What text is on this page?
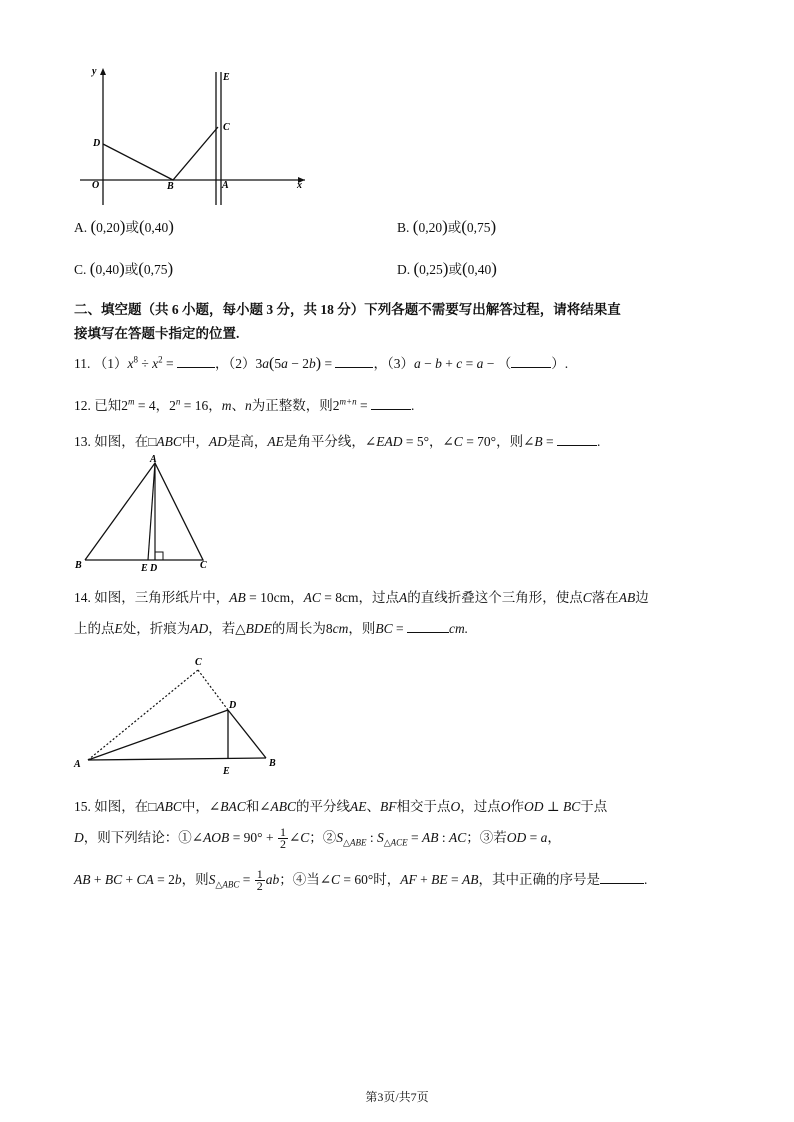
y
x
O	B	A
D
C
E
A. (0,20)或(0,40)	B. (0,20)或(0,75)
C. (0,40)或(0,75)	D. (0,25)或(0,40)
二、填空题（共 6 小题，每小题 3 分，共 18 分）下列各题不需要写出解答过程，请将结果直
接填写在答题卡指定的位置.
11. $(1)x^8 \div x^2$ =	，（2）3a(5a − 2b) =	，（3）a − b + c = a − （	）.
12. 已知$2^m = 4$，$2^n = 16$，m、n为正整数，则$2^{m+n}$ =	.
13. 如图，在□ABC中，AD是高，AE是角平分线，∠EAD = 5°，∠C = 70°，则∠B =	.
A
B	C
E D
14. 如图，三角形纸片中，AB = 10cm，AC = 8cm，过点A的直线折叠这个三角形，使点C落在AB边
上的点E处，折痕为AD，若△BDE的周长为8cm，则BC =	cm.
C
D
A
E
B
15. 如图，在□ABC中，∠BAC和∠ABC的平分线AE、BF相交于点O，过点O作OD ⊥ BC于点
D，则下列结论：①∠AOB = $90^\circ + \frac{1}{2}$ ∠C；$②S_{\triangle ABE}$ : $S_{\triangle ACE}$ = AB : AC；③若OD = a，
AB + BC + CA = 2b，则$S_{\triangle ABC} = \frac{1}{2}$ ab；④当∠C = 60°时，AF + BE = AB，其中正确的序号是	.
第3页/共7页
